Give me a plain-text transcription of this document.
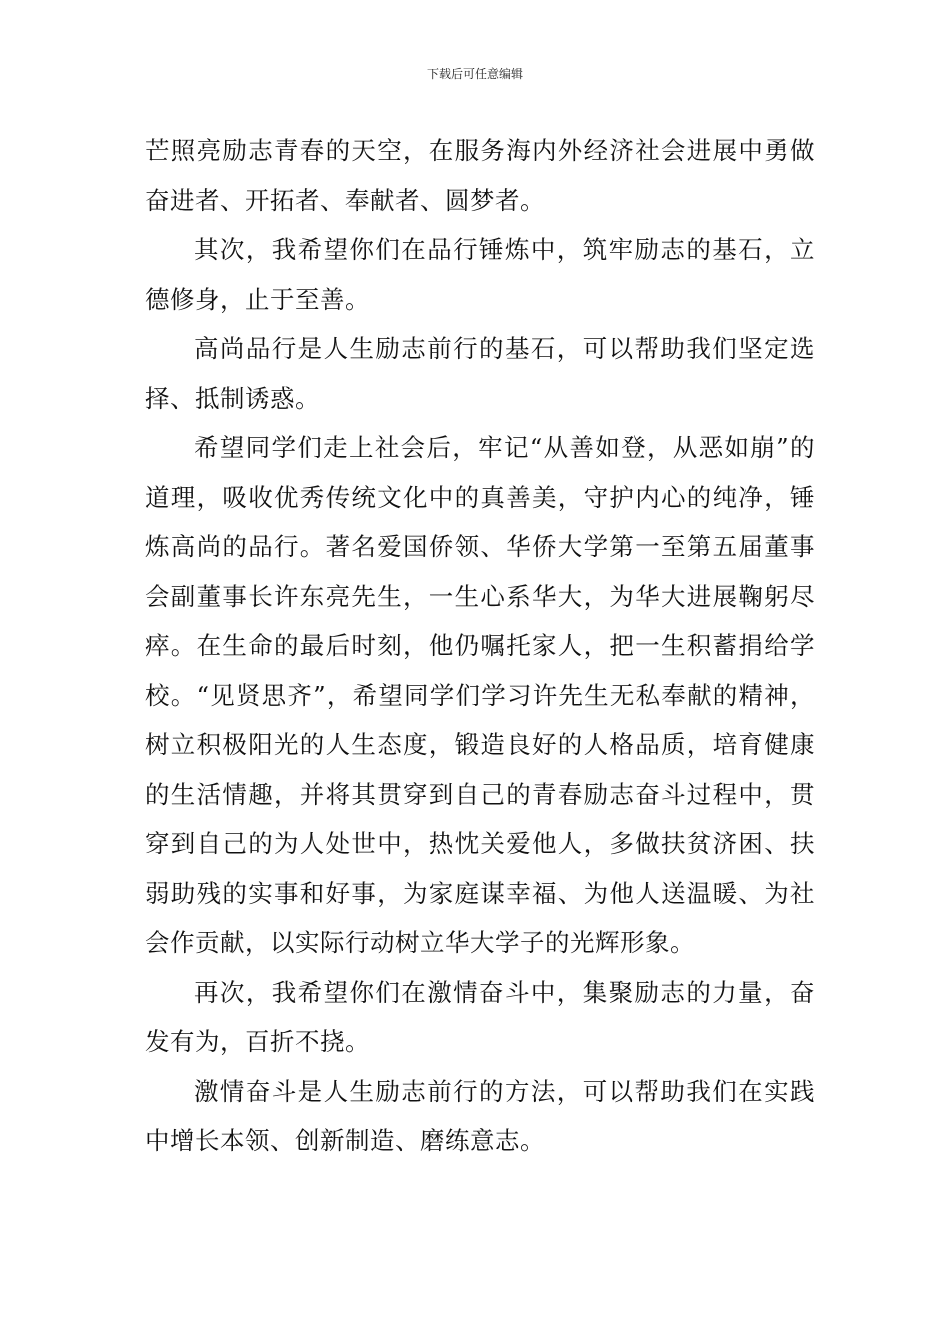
下载后可任意编辑

芒照亮励志青春的天空，在服务海内外经济社会进展中勇做奋进者、开拓者、奉献者、圆梦者。

其次，我希望你们在品行锤炼中，筑牢励志的基石，立德修身，止于至善。

高尚品行是人生励志前行的基石，可以帮助我们坚定选择、抵制诱惑。

希望同学们走上社会后，牢记“从善如登，从恶如崩”的道理，吸收优秀传统文化中的真善美，守护内心的纯净，锤炼高尚的品行。著名爱国侨领、华侨大学第一至第五届董事会副董事长许东亮先生，一生心系华大，为华大进展鞠躬尽瘁。在生命的最后时刻，他仍嘱托家人，把一生积蓄捐给学校。“见贤思齐”，希望同学们学习许先生无私奉献的精神，树立积极阳光的人生态度，锻造良好的人格品质，培育健康的生活情趣，并将其贯穿到自己的青春励志奋斗过程中，贯穿到自己的为人处世中，热忱关爱他人，多做扶贫济困、扶弱助残的实事和好事，为家庭谋幸福、为他人送温暖、为社会作贡献，以实际行动树立华大学子的光辉形象。

再次，我希望你们在激情奋斗中，集聚励志的力量，奋发有为，百折不挠。

激情奋斗是人生励志前行的方法，可以帮助我们在实践中增长本领、创新制造、磨练意志。
